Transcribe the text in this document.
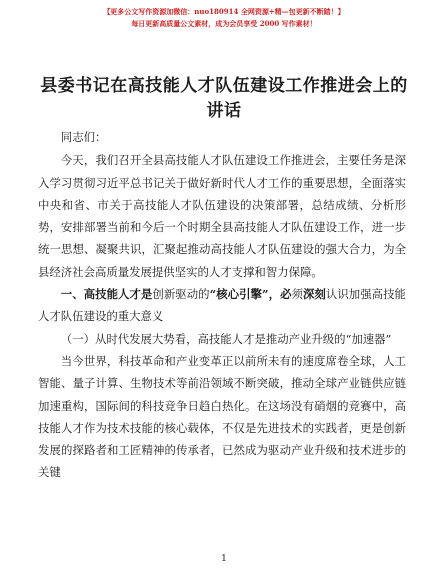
【更多公文写作资源加微信：nuo180914 全网资源+精—包更新不断踏！】
每日更新高质量公文素材，成为会员享受 2000 写作素材！
县委书记在高技能人才队伍建设工作推进会上的讲话

同志们：

今天，我们召开全县高技能人才队伍建设工作推进会，主要任务是深入学习贯彻习近平总书记关于做好新时代人才工作的重要思想，全面落实中央和省、市关于高技能人才队伍建设的决策部署，总结成绩、分析形势，安排部署当前和今后一个时期全县高技能人才队伍建设工作，进一步统一思想、凝聚共识，汇聚起推动高技能人才队伍建设的强大合力，为全县经济社会高质量发展提供坚实的人才支撑和智力保障。

一、高技能人才是创新驱动的“核心引擎”，必须深刻认识加强高技能人才队伍建设的重大意义

（一）从时代发展大势看，高技能人才是推动产业升级的“加速器”

当今世界，科技革命和产业变革正以前所未有的速度席卷全球，人工智能、量子计算、生物技术等前沿领域不断突破，推动全球产业链供应链加速重构，国际间的科技竞争日趋白热化。在这场没有硝烟的竞赛中，高技能人才作为技术技能的核心载体，不仅是先进技术的实践者，更是创新发展的探路者和工匠精神的传承者，已然成为驱动产业升级和技术进步的关键

1
